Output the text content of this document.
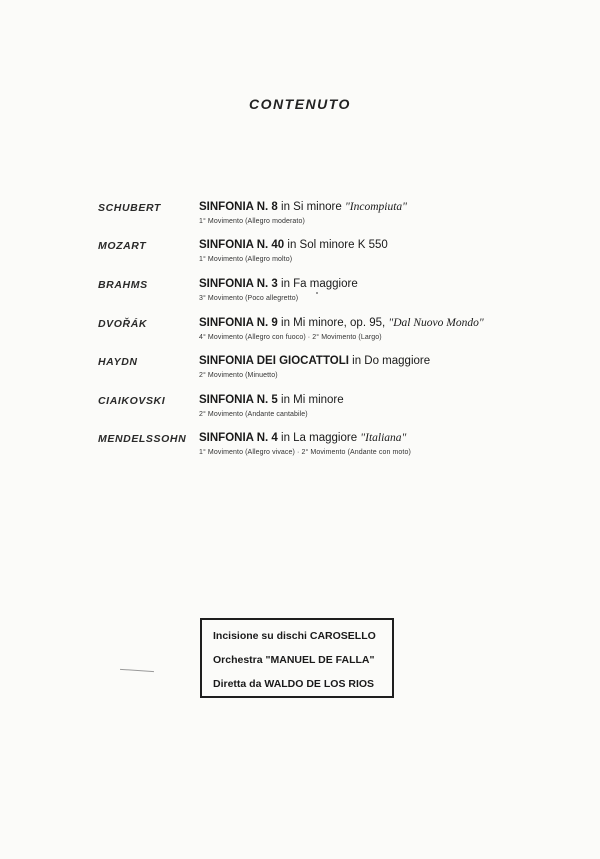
CONTENUTO
SCHUBERT	SINFONIA N. 8 in Si minore "Incompiuta"
1° Movimento (Allegro moderato)
MOZART	SINFONIA N. 40 in Sol minore K 550
1° Movimento (Allegro molto)
BRAHMS	SINFONIA N. 3 in Fa maggiore
3° Movimento (Poco allegretto)
DVOŘÁK	SINFONIA N. 9 in Mi minore, op. 95, "Dal Nuovo Mondo"
4° Movimento (Allegro con fuoco) · 2° Movimento (Largo)
HAYDN	SINFONIA DEI GIOCATTOLI in Do maggiore
2° Movimento (Minuetto)
CIAIKOVSKI	SINFONIA N. 5 in Mi minore
2° Movimento (Andante cantabile)
MENDELSSOHN SINFONIA N. 4 in La maggiore "Italiana"
1° Movimento (Allegro vivace) · 2° Movimento (Andante con moto)
Incisione su dischi CAROSELLO
Orchestra "MANUEL DE FALLA"
Diretta da WALDO DE LOS RIOS
